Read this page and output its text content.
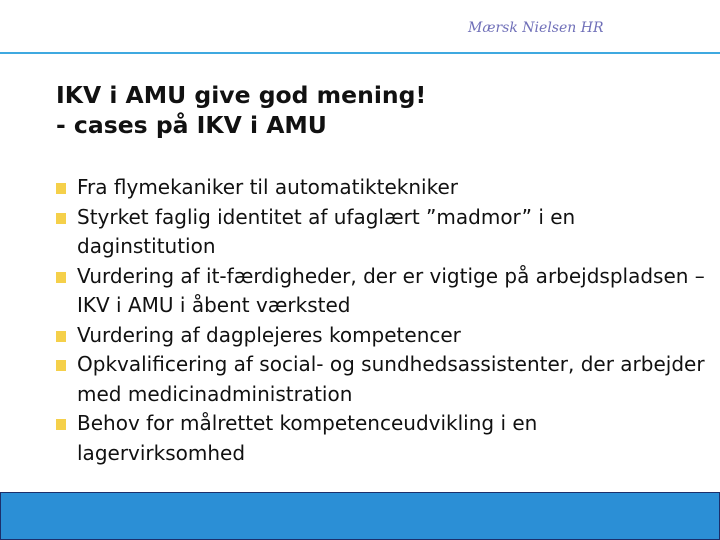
Mærsk Nielsen HR
IKV i AMU give god mening!
- cases på IKV i AMU
Fra flymekaniker til automatiktekniker
Styrket faglig identitet af ufaglært ”madmor” i en daginstitution
Vurdering af it-færdigheder, der er vigtige på arbejdspladsen – IKV i AMU i åbent værksted
Vurdering af dagplejeres kompetencer
Opkvalificering af social- og sundhedsassistenter, der arbejder med medicinadministration
Behov for målrettet kompetenceudvikling i en lagervirksomhed
